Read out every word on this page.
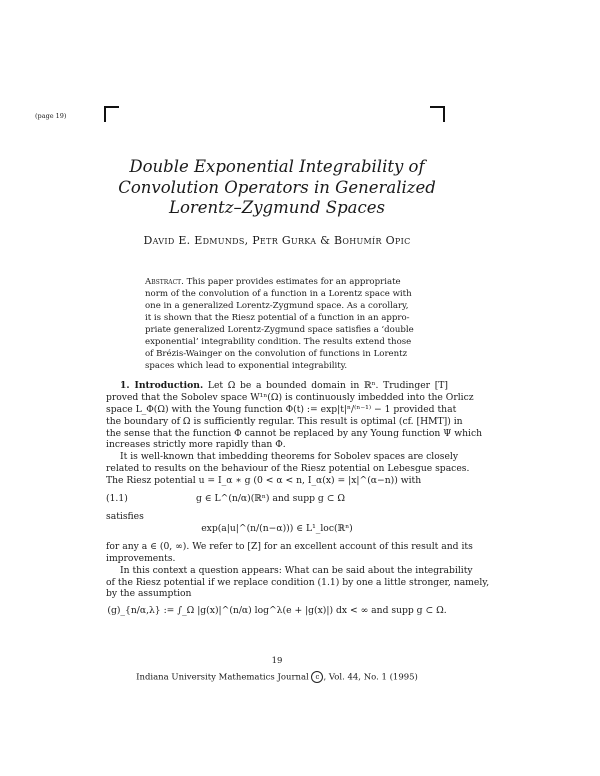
(page 19)
Double Exponential Integrability of
Convolution Operators in Generalized
Lorentz–Zygmund Spaces
David E. Edmunds, Petr Gurka & Bohumír Opic
Abstract. This paper provides estimates for an appropriate
norm of the convolution of a function in a Lorentz space with
one in a generalized Lorentz-Zygmund space. As a corollary,
it is shown that the Riesz potential of a function in an appro-
priate generalized Lorentz-Zygmund space satisfies a ‘double
exponential’ integrability condition. The results extend those
of Brézis-Wainger on the convolution of functions in Lorentz
spaces which lead to exponential integrability.
1. Introduction. Let Ω be a bounded domain in ℝⁿ. Trudinger [T]
proved that the Sobolev space W¹ⁿ(Ω) is continuously imbedded into the Orlicz
space L_Φ(Ω) with the Young function Φ(t) := exp|t|ⁿ/⁽ⁿ⁻¹⁾ − 1 provided that
the boundary of Ω is sufficiently regular. This result is optimal (cf. [HMT]) in
the sense that the function Φ cannot be replaced by any Young function Ψ which
increases strictly more rapidly than Φ.
It is well-known that imbedding theorems for Sobolev spaces are closely
related to results on the behaviour of the Riesz potential on Lebesgue spaces.
The Riesz potential u = I_α ∗ g (0 < α < n, I_α(x) = |x|^(α−n)) with
(1.1)	g ∈ L^(n/α)(ℝⁿ) and supp g ⊂ Ω
satisfies
exp(a|u|^(n/(n−α))) ∈ L¹_loc(ℝⁿ)
for any a ∈ (0, ∞). We refer to [Z] for an excellent account of this result and its
improvements.
In this context a question appears: What can be said about the integrability
of the Riesz potential if we replace condition (1.1) by one a little stronger, namely,
by the assumption
(g)_{n/α,λ} := ∫_Ω |g(x)|^(n/α) log^λ(e + |g(x)|) dx < ∞ and supp g ⊂ Ω.
19
Indiana University Mathematics Journal c , Vol. 44, No. 1 (1995)
